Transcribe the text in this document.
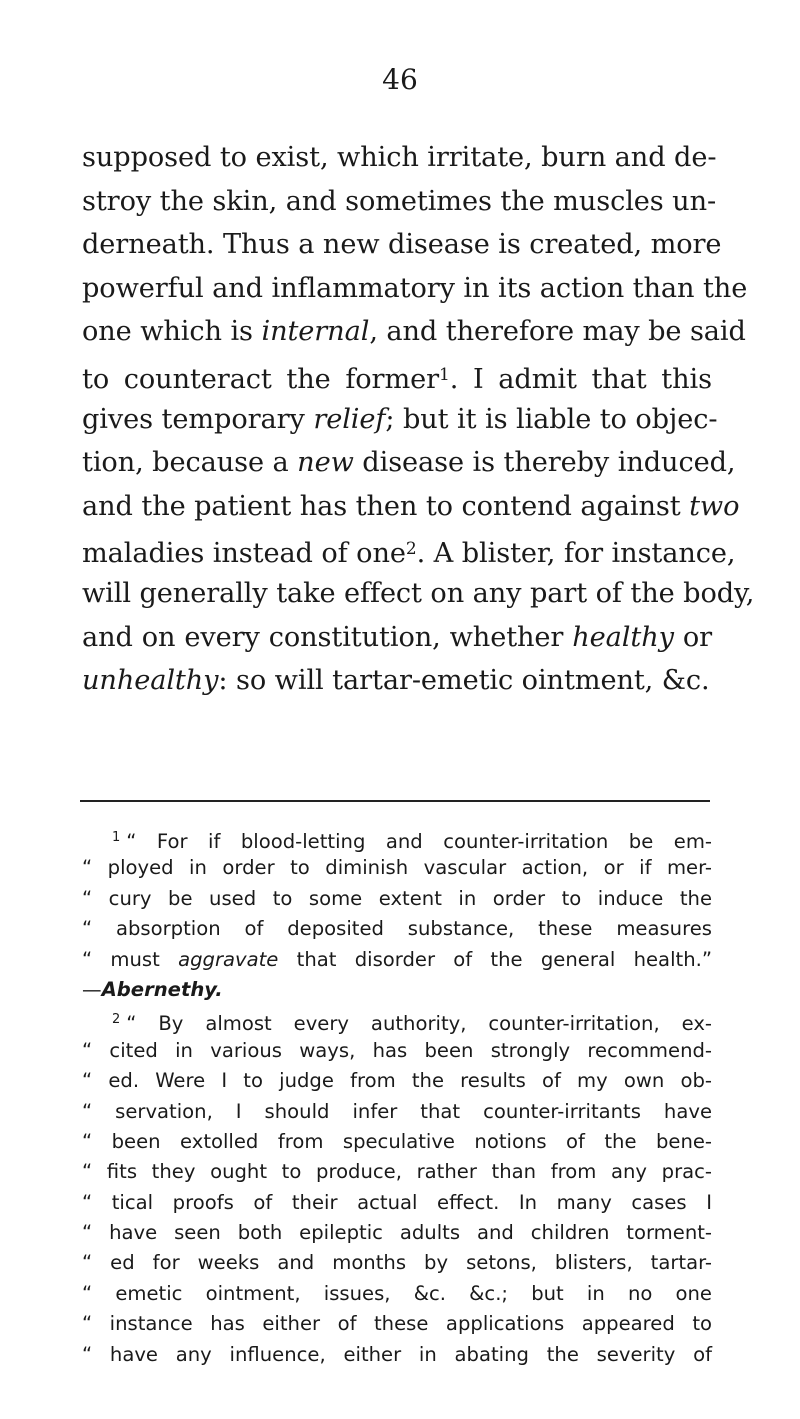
46
supposed to exist, which irritate, burn and de-
stroy the skin, and sometimes the muscles un-
derneath. Thus a new disease is created, more
powerful and inflammatory in its action than the
one which is internal, and therefore may be said
to counteract the former$^1$. I admit that this
gives temporary relief; but it is liable to objec-
tion, because a new disease is thereby induced,
and the patient has then to contend against two
maladies instead of one$^2$. A blister, for instance,
will generally take effect on any part of the body,
and on every constitution, whether healthy or
unhealthy: so will tartar-emetic ointment, &c.
$^1$ “ For if blood-letting and counter-irritation be em-
“ ployed in order to diminish vascular action, or if mer-
“ cury be used to some extent in order to induce the
“ absorption of deposited substance, these measures
“ must aggravate that disorder of the general health.”
—Abernethy.
$^2$ “ By almost every authority, counter-irritation, ex-
“ cited in various ways, has been strongly recommend-
“ ed. Were I to judge from the results of my own ob-
“ servation, I should infer that counter-irritants have
“ been extolled from speculative notions of the bene-
“ fits they ought to produce, rather than from any prac-
“ tical proofs of their actual effect. In many cases I
“ have seen both epileptic adults and children torment-
“ ed for weeks and months by setons, blisters, tartar-
“ emetic ointment, issues, &c. &c.; but in no one
“ instance has either of these applications appeared to
“ have any influence, either in abating the severity of
